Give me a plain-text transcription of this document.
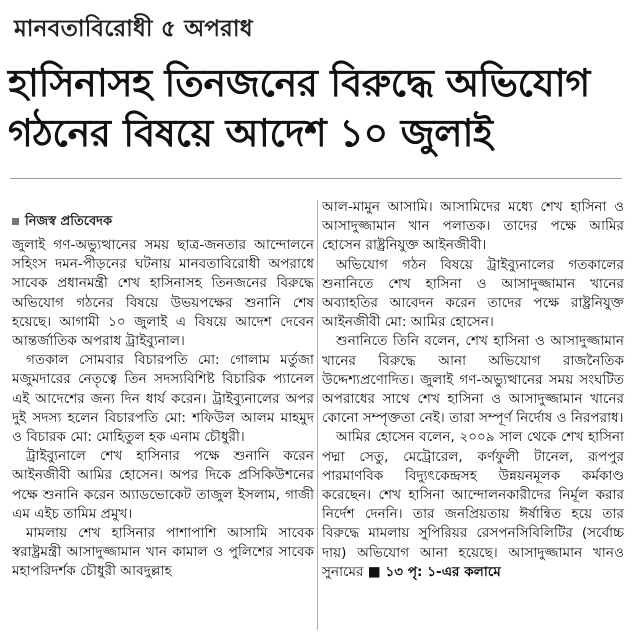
মানবতাবিরোধী ৫ অপরাধ
হাসিনাসহ তিনজনের বিরুদ্ধে অভিযোগ
গঠনের বিষয়ে আদেশ ১০ জুলাই
নিজস্ব প্রতিবেদক

জুলাই গণ-অভ্যুত্থানের সময় ছাত্র-জনতার আন্দোলনে সহিংস দমন-পীড়নের ঘটনায় মানবতাবিরোধী অপরাধে সাবেক প্রধানমন্ত্রী শেখ হাসিনাসহ তিনজনের বিরুদ্ধে অভিযোগ গঠনের বিষয়ে উভয়পক্ষের শুনানি শেষ হয়েছে। আগামী ১০ জুলাই এ বিষয়ে আদেশ দেবেন আন্তর্জাতিক অপরাধ ট্রাইব্যুনাল।

গতকাল সোমবার বিচারপতি মো: গোলাম মর্তুজা মজুমদারের নেতৃত্বে তিন সদস্যবিশিষ্ট বিচারিক প্যানেল এই আদেশের জন্য দিন ধার্য করেন। ট্রাইব্যুনালের অপর দুই সদস্য হলেন বিচারপতি মো: শফিউল আলম মাহমুদ ও বিচারক মো: মোহিতুল হক এনাম চৌধুরী।

ট্রাইব্যুনালে শেখ হাসিনার পক্ষে শুনানি করেন আইনজীবী আমির হোসেন। অপর দিকে প্রসিকিউশনের পক্ষে শুনানি করেন অ্যাডভোকেট তাজুল ইসলাম, গাজী এম এইচ তামিম প্রমুখ।

মামলায় শেখ হাসিনার পাশাপাশি আসামি সাবেক স্বরাষ্ট্রমন্ত্রী আসাদুজ্জামান খান কামাল ও পুলিশের সাবেক মহাপরিদর্শক চৌধুরী আবদুল্লাহ

আল-মামুন আসামি। আসামিদের মধ্যে শেখ হাসিনা ও আসাদুজ্জামান খান পলাতক। তাদের পক্ষে আমির হোসেন রাষ্ট্রনিযুক্ত আইনজীবী।

অভিযোগ গঠন বিষয়ে ট্রাইব্যুনালের গতকালের শুনানিতে শেখ হাসিনা ও আসাদুজ্জামান খানের অব্যাহতির আবেদন করেন তাদের পক্ষে রাষ্ট্রনিযুক্ত আইনজীবী মো: আমির হোসেন।

শুনানিতে তিনি বলেন, শেখ হাসিনা ও আসাদুজ্জামান খানের বিরুদ্ধে আনা অভিযোগ রাজনৈতিক উদ্দেশ্যপ্রণোদিত। জুলাই গণ-অভ্যুত্থানের সময় সংঘটিত অপরাধের সাথে শেখ হাসিনা ও আসাদুজ্জামান খানের কোনো সম্পৃক্ততা নেই। তারা সম্পূর্ণ নির্দোষ ও নিরপরাধ।

আমির হোসেন বলেন, ২০০৯ সাল থেকে শেখ হাসিনা পদ্মা সেতু, মেট্রোরেল, কর্ণফুলী টানেল, রূপপুর পারমাণবিক বিদ্যুৎকেন্দ্রসহ উন্নয়নমূলক কর্মকাণ্ড করেছেন। শেখ হাসিনা আন্দোলনকারীদের নির্মূল করার নির্দেশ দেননি। তার জনপ্রিয়তায় ঈর্ষান্বিত হয়ে তার বিরুদ্ধে মামলায় সুপিরিয়র রেসপনসিবিলিটির (সর্বোচ্চ দায়) অভিযোগ আনা হয়েছে। আসাদুজ্জামান খানও সুনামের ■ ১৩ পৃ: ১-এর কলামে
